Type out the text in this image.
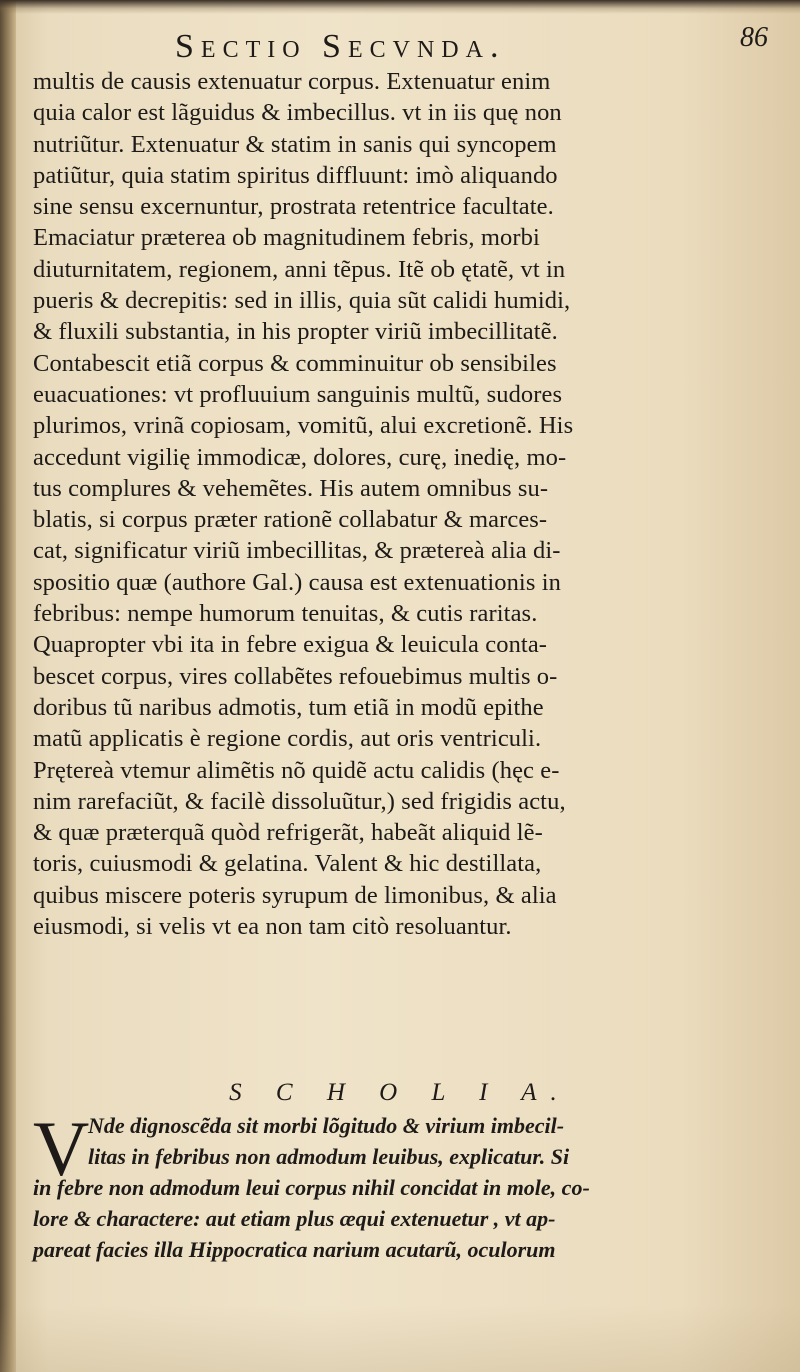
Sectio Secvnda.	86
multis de causis extenuatur corpus. Extenuatur enim
quia calor est lãguidus & imbecillus. vt in iis quę non
nutriũtur. Extenuatur & statim in sanis qui syncopem
patiũtur, quia statim spiritus diffluunt: imò aliquando
sine sensu excernuntur, prostrata retentrice facultate.
Emaciatur præterea ob magnitudinem febris, morbi
diuturnitatem, regionem, anni tẽpus. Itẽ ob ętatẽ, vt in
pueris & decrepitis: sed in illis, quia sũt calidi humidi,
& fluxili substantia, in his propter viriũ imbecillitatẽ.
Contabescit etiã corpus & comminuitur ob sensibiles
euacuationes: vt profluuium sanguinis multũ, sudores
plurimos, vrinã copiosam, vomitũ, alui excretionẽ. His
accedunt vigilię immodicæ, dolores, curę, inedię, mo-
tus complures & vehemẽtes. His autem omnibus su-
blatis, si corpus præter rationẽ collabatur & marces-
cat, significatur viriũ imbecillitas, & prætereà alia di-
spositio quæ (authore Gal.) causa est extenuationis in
febribus: nempe humorum tenuitas, & cutis raritas.
Quapropter vbi ita in febre exigua & leuicula conta-
bescet corpus, vires collabẽtes refouebimus multis o-
doribus tũ naribus admotis, tum etiã in modũ epithe
matũ applicatis è regione cordis, aut oris ventriculi.
Prętereà vtemur alimẽtis nõ quidẽ actu calidis (hęc e-
nim rarefaciũt, & facilè dissoluũtur,) sed frigidis actu,
& quæ præterquã quòd refrigerãt, habeãt aliquid lẽ-
toris, cuiusmodi & gelatina. Valent & hic destillata,
quibus miscere poteris syrupum de limonibus, & alia
eiusmodi, si velis vt ea non tam citò resoluantur.
S C H O L I A.
V
Nde dignoscẽda sit morbi lõgitudo & virium imbecil-
litas in febribus non admodum leuibus, explicatur. Si
in febre non admodum leui corpus nihil concidat in mole, co-
lore & charactere: aut etiam plus æqui extenuetur , vt ap-
pareat facies illa Hippocratica narium acutarũ, oculorum
